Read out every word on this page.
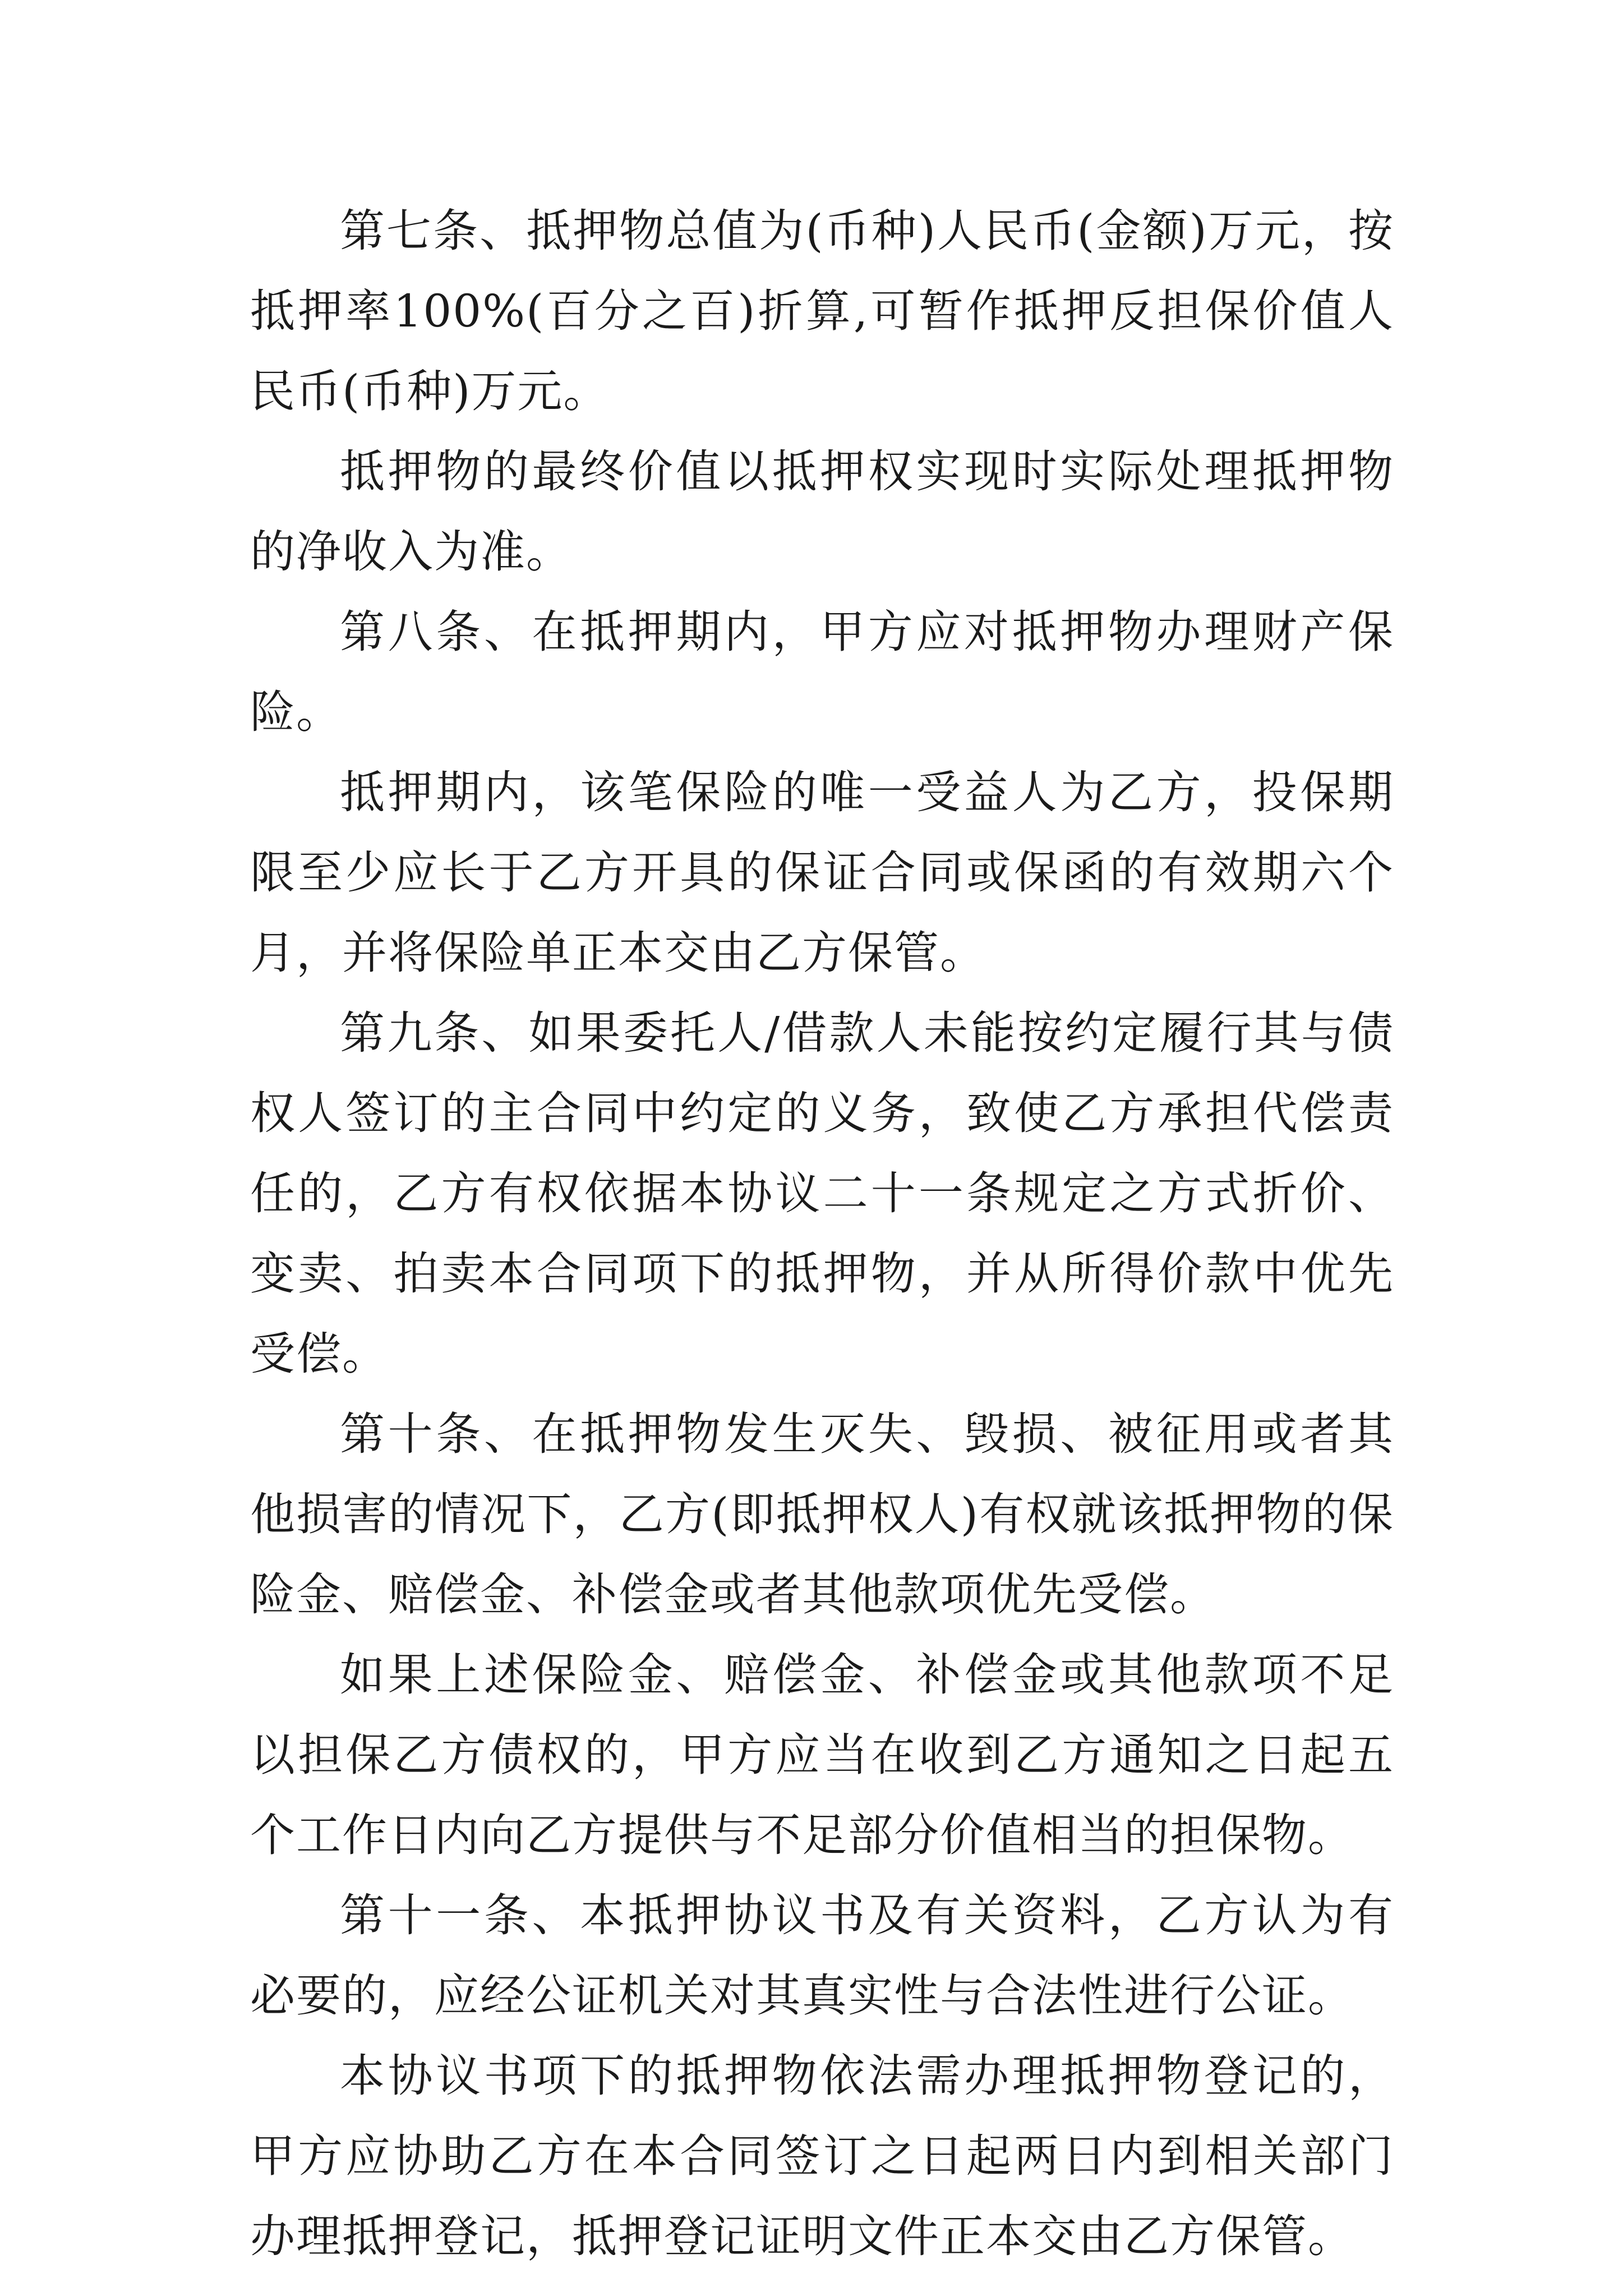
第七条、抵押物总值为(币种)人民币(金额)万元，按抵押率100%(百分之百)折算,可暂作抵押反担保价值人民币(币种)万元。

抵押物的最终价值以抵押权实现时实际处理抵押物的净收入为准。

第八条、在抵押期内，甲方应对抵押物办理财产保险。

抵押期内，该笔保险的唯一受益人为乙方，投保期限至少应长于乙方开具的保证合同或保函的有效期六个月，并将保险单正本交由乙方保管。

第九条、如果委托人/借款人未能按约定履行其与债权人签订的主合同中约定的义务，致使乙方承担代偿责任的，乙方有权依据本协议二十一条规定之方式折价、变卖、拍卖本合同项下的抵押物，并从所得价款中优先受偿。

第十条、在抵押物发生灭失、毁损、被征用或者其他损害的情况下，乙方(即抵押权人)有权就该抵押物的保险金、赔偿金、补偿金或者其他款项优先受偿。

如果上述保险金、赔偿金、补偿金或其他款项不足以担保乙方债权的，甲方应当在收到乙方通知之日起五个工作日内向乙方提供与不足部分价值相当的担保物。

第十一条、本抵押协议书及有关资料，乙方认为有必要的，应经公证机关对其真实性与合法性进行公证。

本协议书项下的抵押物依法需办理抵押物登记的，甲方应协助乙方在本合同签订之日起两日内到相关部门办理抵押登记，抵押登记证明文件正本交由乙方保管。
